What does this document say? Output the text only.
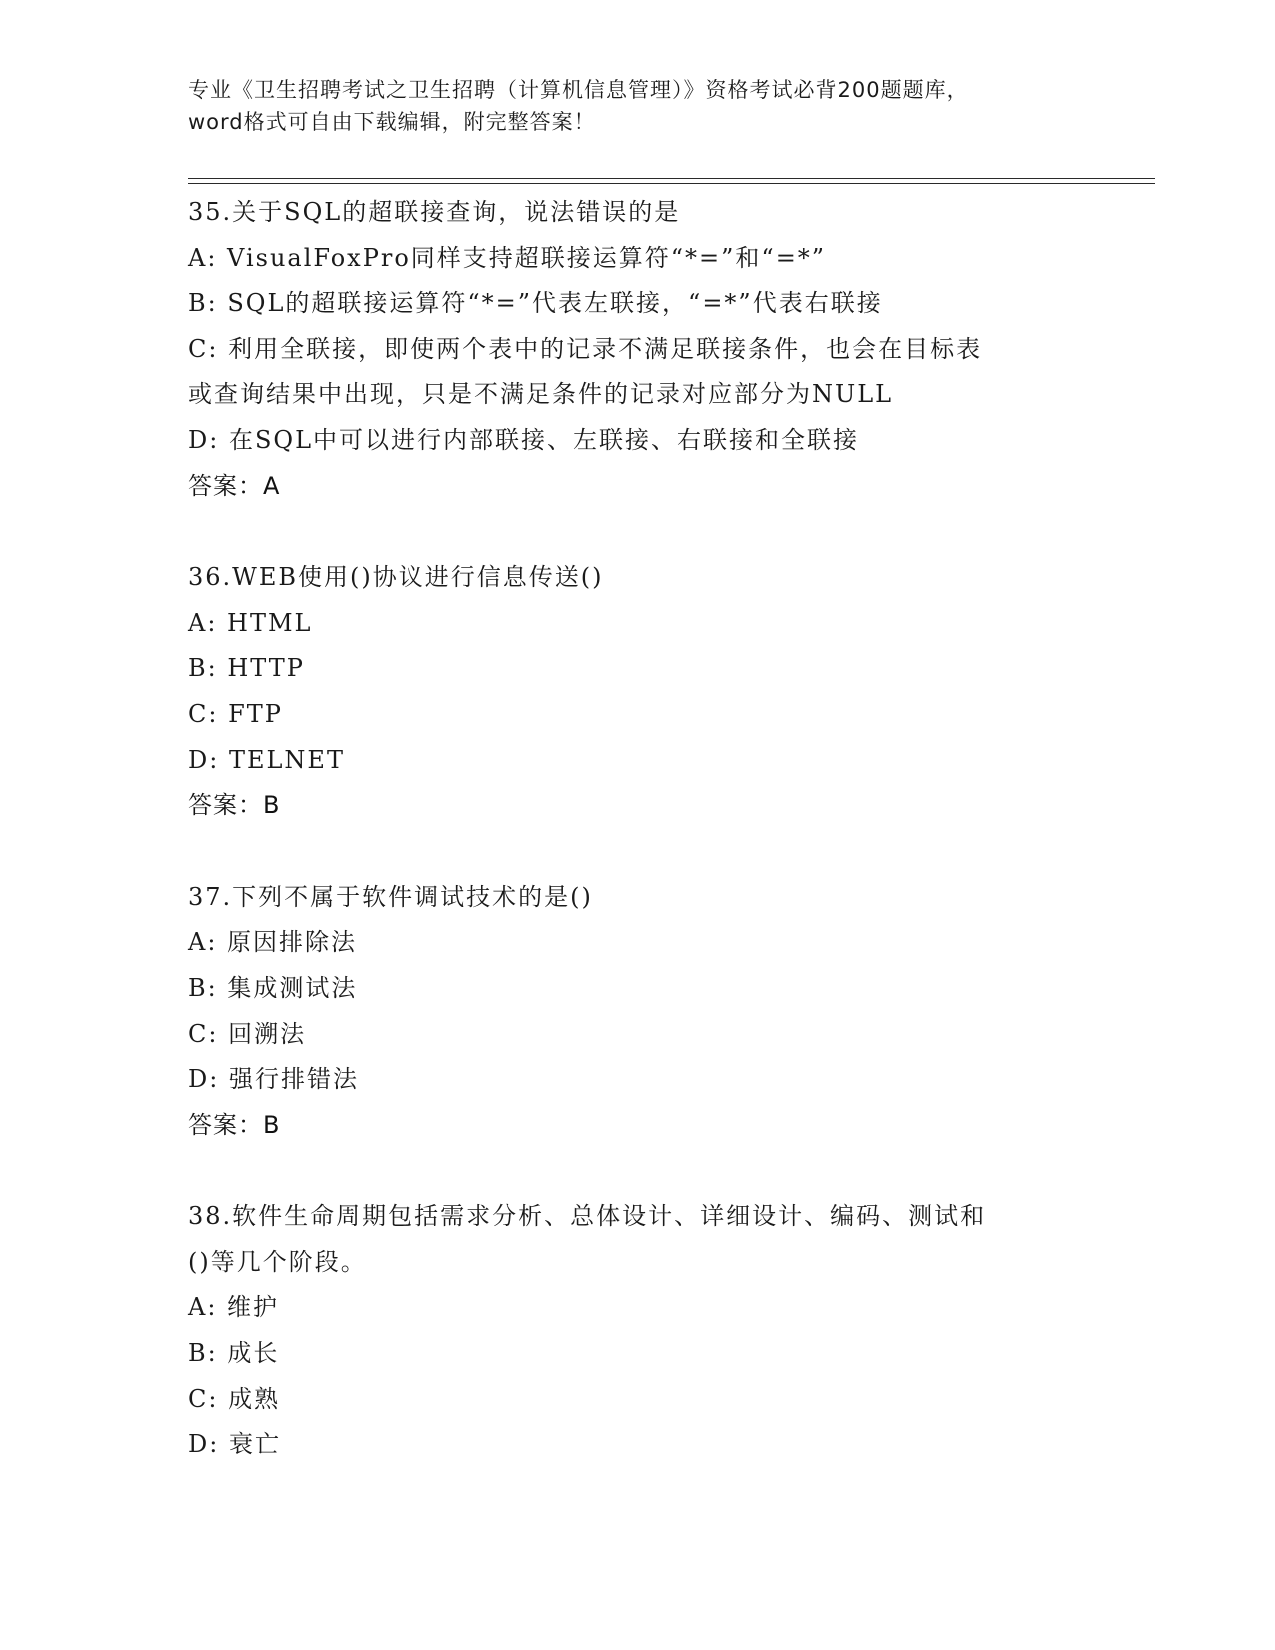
专业《卫生招聘考试之卫生招聘（计算机信息管理）》资格考试必背200题题库，
word格式可自由下载编辑，附完整答案！
35.关于SQL的超联接查询，说法错误的是
A: VisualFoxPro同样支持超联接运算符“*=”和“=*”
B: SQL的超联接运算符“*=”代表左联接，“=*”代表右联接
C: 利用全联接，即使两个表中的记录不满足联接条件，也会在目标表
或查询结果中出现，只是不满足条件的记录对应部分为NULL
D: 在SQL中可以进行内部联接、左联接、右联接和全联接
答案：A
36.WEB使用()协议进行信息传送()
A: HTML
B: HTTP
C: FTP
D: TELNET
答案：B
37.下列不属于软件调试技术的是()
A: 原因排除法
B: 集成测试法
C: 回溯法
D: 强行排错法
答案：B
38.软件生命周期包括需求分析、总体设计、详细设计、编码、测试和
()等几个阶段。
A: 维护
B: 成长
C: 成熟
D: 衰亡
